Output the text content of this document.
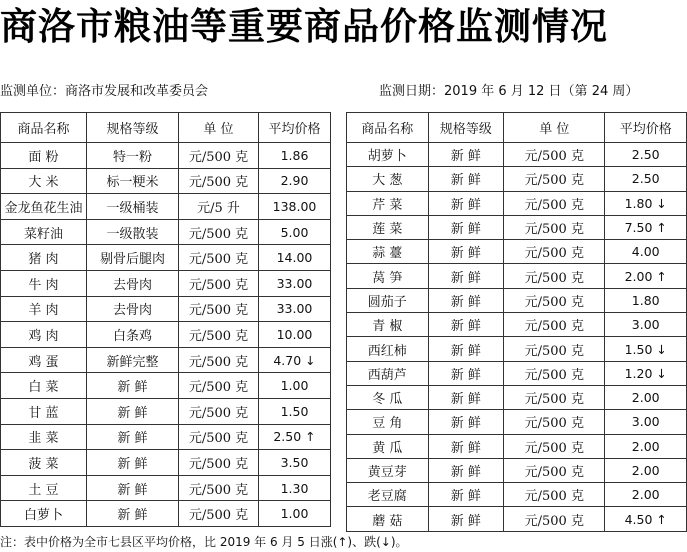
商洛市粮油等重要商品价格监测情况
监测单位：商洛市发展和改革委员会	监测日期：2019 年 6 月 12 日（第 24 周）
商品名称	规格等级	单 位	平均价格
面 粉	特一粉	元/500 克	1.86
大 米	标一粳米	元/500 克	2.90
金龙鱼花生油	一级桶装	元/5 升	138.00
菜籽油	一级散装	元/500 克	5.00
猪 肉	剔骨后腿肉	元/500 克	14.00
牛 肉	去骨肉	元/500 克	33.00
羊 肉	去骨肉	元/500 克	33.00
鸡 肉	白条鸡	元/500 克	10.00
鸡 蛋	新鲜完整	元/500 克	4.70 ↓
白 菜	新 鲜	元/500 克	1.00
甘 蓝	新 鲜	元/500 克	1.50
韭 菜	新 鲜	元/500 克	2.50 ↑
菠 菜	新 鲜	元/500 克	3.50
土 豆	新 鲜	元/500 克	1.30
白萝卜	新 鲜	元/500 克	1.00
商品名称	规格等级	单 位	平均价格
胡萝卜	新 鲜	元/500 克	2.50
大 葱	新 鲜	元/500 克	2.50
芹 菜	新 鲜	元/500 克	1.80 ↓
莲 菜	新 鲜	元/500 克	7.50 ↑
蒜 薹	新 鲜	元/500 克	4.00
莴 笋	新 鲜	元/500 克	2.00 ↑
圆茄子	新 鲜	元/500 克	1.80
青 椒	新 鲜	元/500 克	3.00
西红柿	新 鲜	元/500 克	1.50 ↓
西葫芦	新 鲜	元/500 克	1.20 ↓
冬 瓜	新 鲜	元/500 克	2.00
豆 角	新 鲜	元/500 克	3.00
黄 瓜	新 鲜	元/500 克	2.00
黄豆芽	新 鲜	元/500 克	2.00
老豆腐	新 鲜	元/500 克	2.00
蘑 菇	新 鲜	元/500 克	4.50 ↑
注：表中价格为全市七县区平均价格，比 2019 年 6 月 5 日涨(↑)、跌(↓)。
